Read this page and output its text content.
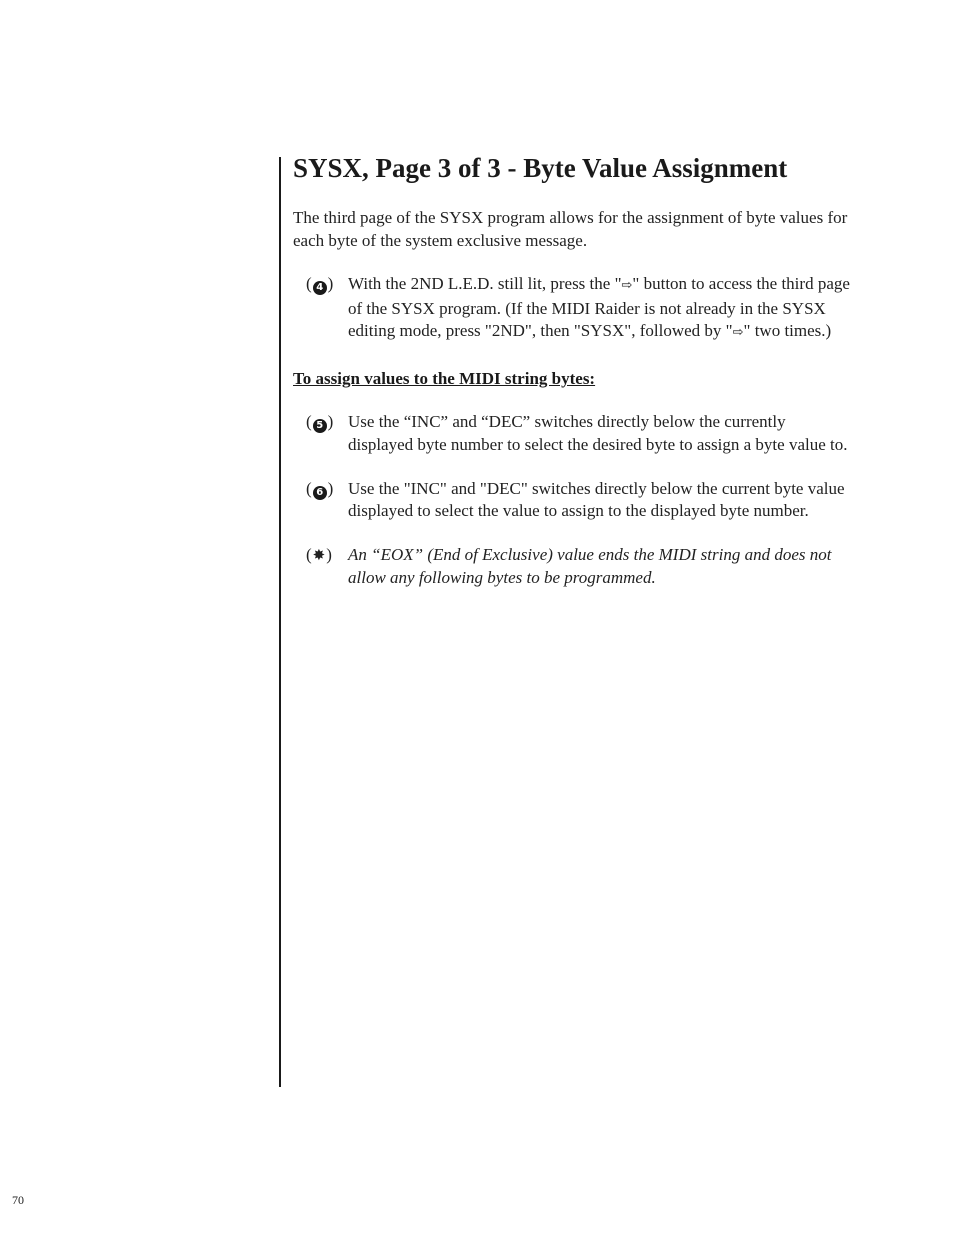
SYSX, Page 3 of 3 - Byte Value Assignment

The third page of the SYSX program allows for the assignment of byte values for each byte of the system exclusive message.

( 4 ) With the 2ND L.E.D. still lit, press the "⇨" button to access the third page of the SYSX program. (If the MIDI Raider is not already in the SYSX editing mode, press "2ND", then "SYSX", followed by "⇨" two times.)
To assign values to the MIDI string bytes:
( 5 ) Use the “INC” and “DEC” switches directly below the currently displayed byte number to select the desired byte to assign a byte value to.
( 6 ) Use the "INC" and "DEC" switches directly below the current byte value displayed to select the value to assign to the displayed byte number.
(✸) An “EOX” (End of Exclusive) value ends the MIDI string and does not allow any following bytes to be programmed.
70
